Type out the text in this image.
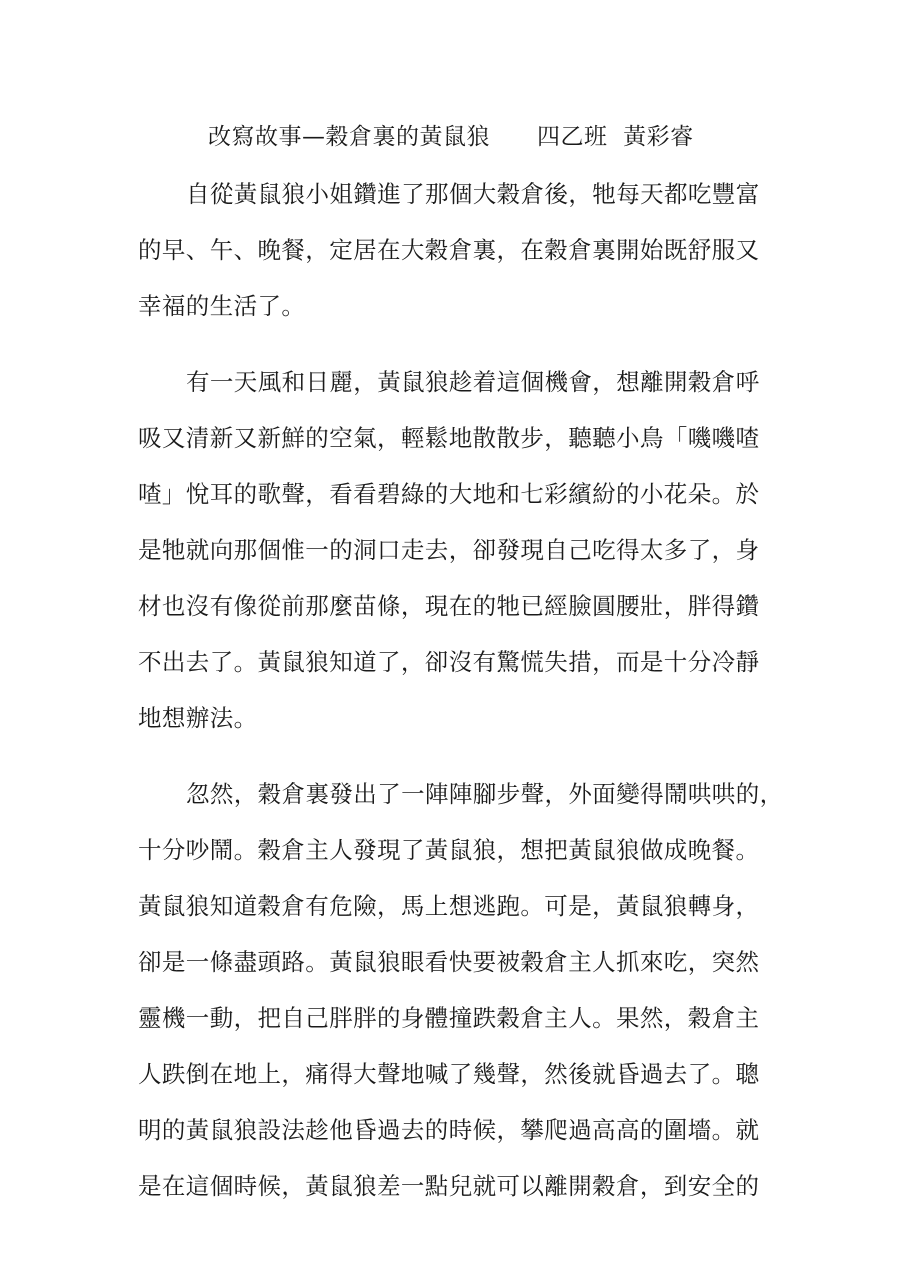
改寫故事—穀倉裏的黃鼠狼　　四乙班  黃彩睿
自從黃鼠狼小姐鑽進了那個大穀倉後，牠每天都吃豐富
的早、午、晚餐，定居在大穀倉裏，在穀倉裏開始既舒服又
幸福的生活了。
有一天風和日麗，黃鼠狼趁着這個機會，想離開穀倉呼
吸又清新又新鮮的空氣，輕鬆地散散步，聽聽小鳥「嘰嘰喳
喳」悅耳的歌聲，看看碧綠的大地和七彩繽紛的小花朵。於
是牠就向那個惟一的洞口走去，卻發現自己吃得太多了，身
材也沒有像從前那麼苗條，現在的牠已經臉圓腰壯，胖得鑽
不出去了。黃鼠狼知道了，卻沒有驚慌失措，而是十分冷靜
地想辦法。
忽然，穀倉裏發出了一陣陣腳步聲，外面變得鬧哄哄的，
十分吵鬧。穀倉主人發現了黃鼠狼，想把黃鼠狼做成晚餐。
黃鼠狼知道穀倉有危險，馬上想逃跑。可是，黃鼠狼轉身，
卻是一條盡頭路。黃鼠狼眼看快要被穀倉主人抓來吃，突然
靈機一動，把自己胖胖的身體撞跌穀倉主人。果然，穀倉主
人跌倒在地上，痛得大聲地喊了幾聲，然後就昏過去了。聰
明的黃鼠狼設法趁他昏過去的時候，攀爬過高高的圍墻。就
是在這個時候，黃鼠狼差一點兒就可以離開穀倉，到安全的
